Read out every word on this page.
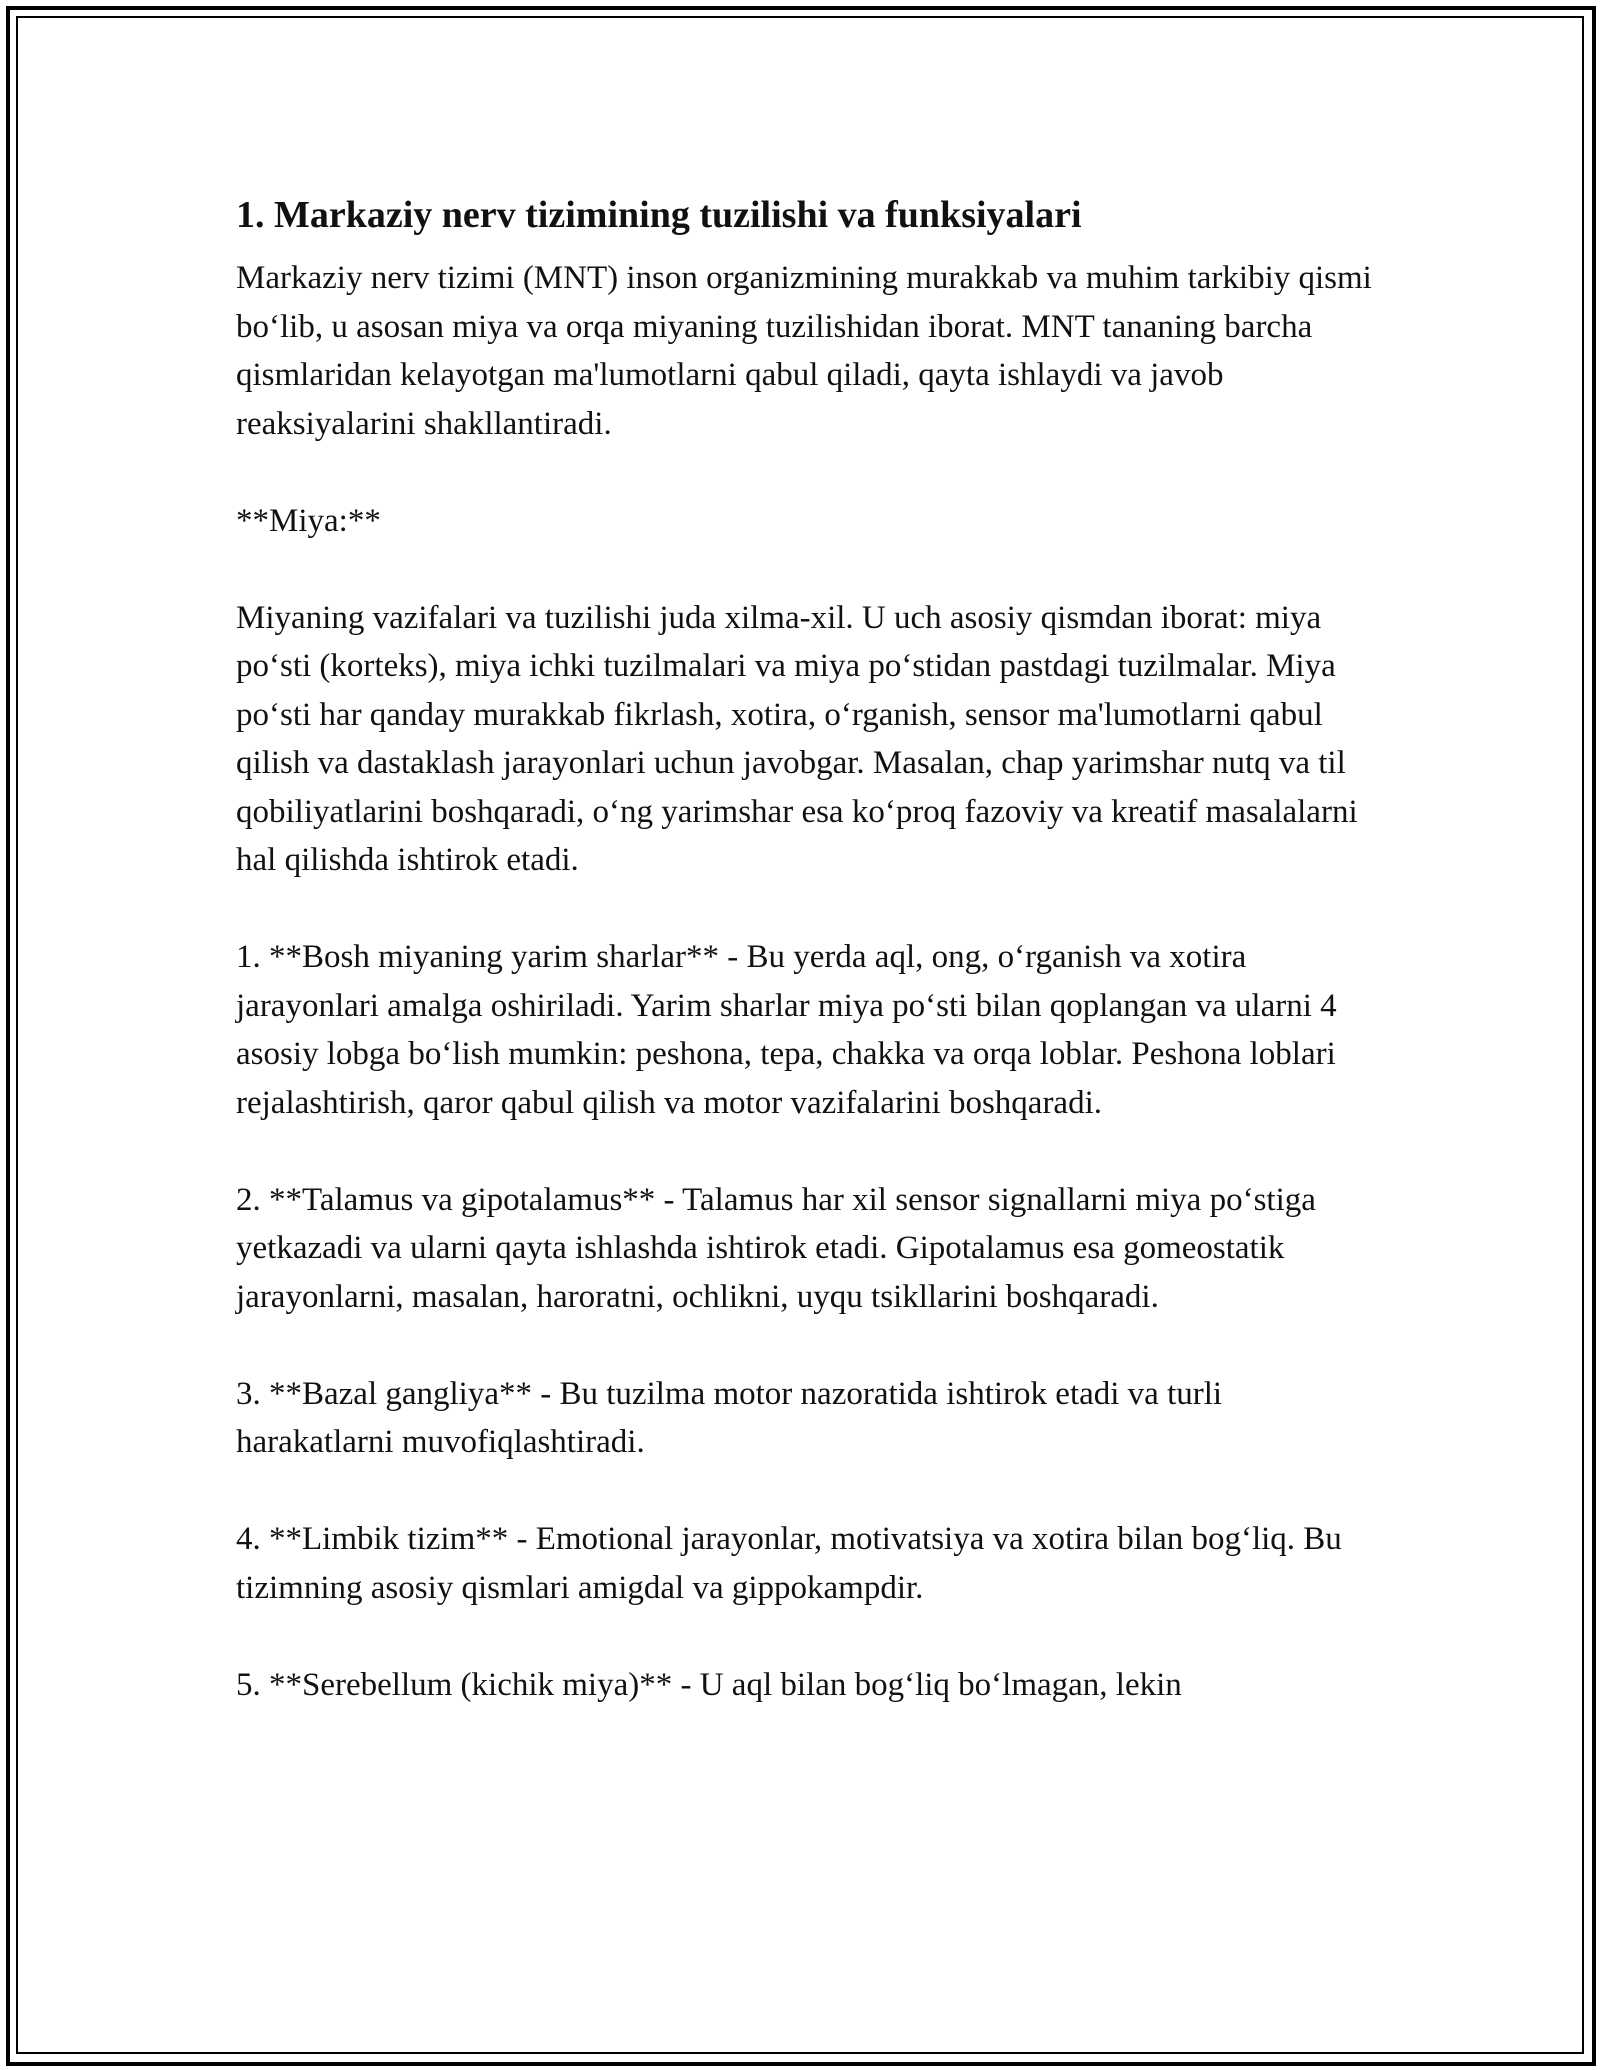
1. Markaziy nerv tizimining tuzilishi va funksiyalari

Markaziy nerv tizimi (MNT) inson organizmining murakkab va muhim tarkibiy qismi bo‘lib, u asosan miya va orqa miyaning tuzilishidan iborat. MNT tananing barcha qismlaridan kelayotgan ma'lumotlarni qabul qiladi, qayta ishlaydi va javob reaksiyalarini shakllantiradi.

**Miya:**

Miyaning vazifalari va tuzilishi juda xilma-xil. U uch asosiy qismdan iborat: miya po‘sti (korteks), miya ichki tuzilmalari va miya po‘stidan pastdagi tuzilmalar. Miya po‘sti har qanday murakkab fikrlash, xotira, o‘rganish, sensor ma'lumotlarni qabul qilish va dastaklash jarayonlari uchun javobgar. Masalan, chap yarimshar nutq va til qobiliyatlarini boshqaradi, o‘ng yarimshar esa ko‘proq fazoviy va kreatif masalalarni hal qilishda ishtirok etadi.

1. **Bosh miyaning yarim sharlar** - Bu yerda aql, ong, o‘rganish va xotira jarayonlari amalga oshiriladi. Yarim sharlar miya po‘sti bilan qoplangan va ularni 4 asosiy lobga bo‘lish mumkin: peshona, tepa, chakka va orqa loblar. Peshona loblari rejalashtirish, qaror qabul qilish va motor vazifalarini boshqaradi.

2. **Talamus va gipotalamus** - Talamus har xil sensor signallarni miya po‘stiga yetkazadi va ularni qayta ishlashda ishtirok etadi. Gipotalamus esa gomeostatik jarayonlarni, masalan, haroratni, ochlikni, uyqu tsikllarini boshqaradi.

3. **Bazal gangliya** - Bu tuzilma motor nazoratida ishtirok etadi va turli harakatlarni muvofiqlashtiradi.

4. **Limbik tizim** - Emotional jarayonlar, motivatsiya va xotira bilan bog‘liq. Bu tizimning asosiy qismlari amigdal va gippokampdir.

5. **Serebellum (kichik miya)** - U aql bilan bog‘liq bo‘lmagan, lekin
